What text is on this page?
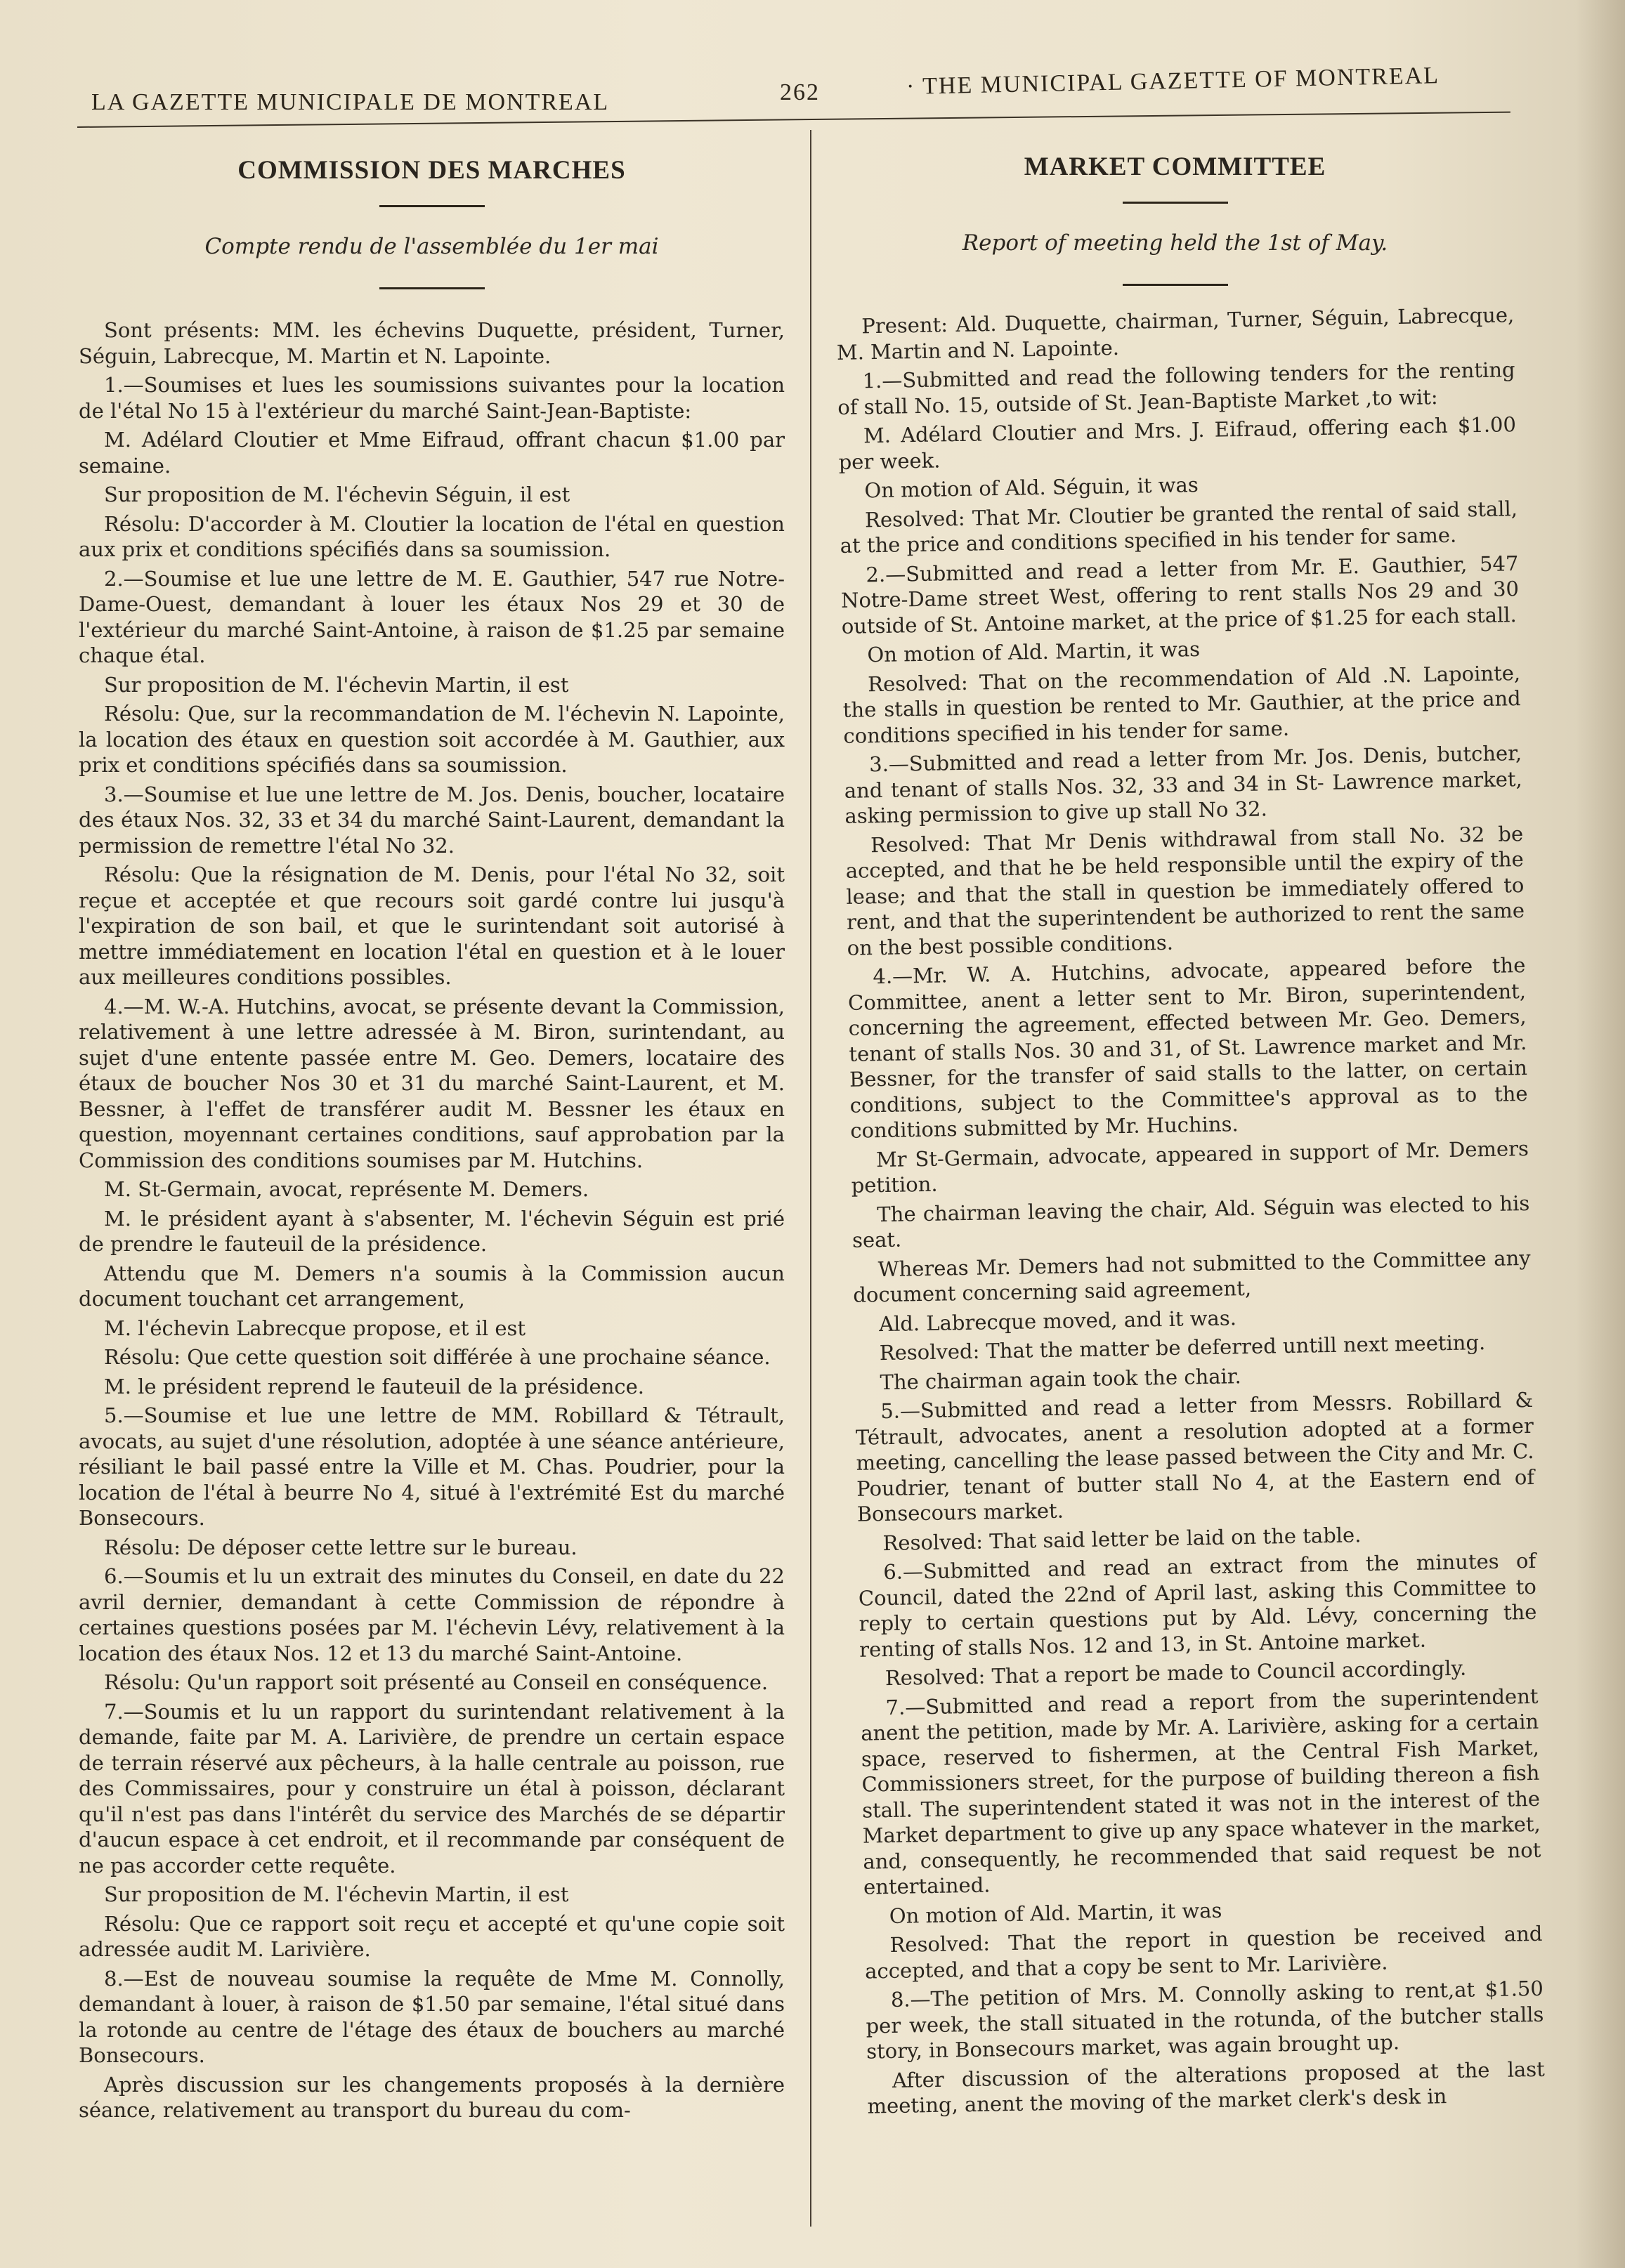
LA GAZETTE MUNICIPALE DE MONTREAL	262	· THE MUNICIPAL GAZETTE OF MONTREAL
COMMISSION DES MARCHES
Compte rendu de l'assemblée du 1er mai

Sont présents: MM. les échevins Duquette, président, Turner, Séguin, Labrecque, M. Martin et N. Lapointe.

1.—Soumises et lues les soumissions suivantes pour la location de l'étal No 15 à l'extérieur du marché Saint-Jean-Baptiste:

M. Adélard Cloutier et Mme Eifraud, offrant chacun $1.00 par semaine.

Sur proposition de M. l'échevin Séguin, il est

Résolu: D'accorder à M. Cloutier la location de l'étal en question aux prix et conditions spécifiés dans sa soumission.

2.—Soumise et lue une lettre de M. E. Gauthier, 547 rue Notre-Dame-Ouest, demandant à louer les étaux Nos 29 et 30 de l'extérieur du marché Saint-Antoine, à raison de $1.25 par semaine chaque étal.

Sur proposition de M. l'échevin Martin, il est

Résolu: Que, sur la recommandation de M. l'échevin N. Lapointe, la location des étaux en question soit accordée à M. Gauthier, aux prix et conditions spécifiés dans sa soumission.

3.—Soumise et lue une lettre de M. Jos. Denis, boucher, locataire des étaux Nos. 32, 33 et 34 du marché Saint-Laurent, demandant la permission de remettre l'étal No 32.

Résolu: Que la résignation de M. Denis, pour l'étal No 32, soit reçue et acceptée et que recours soit gardé contre lui jusqu'à l'expiration de son bail, et que le surintendant soit autorisé à mettre immédiatement en location l'étal en question et à le louer aux meilleures conditions possibles.

4.—M. W.-A. Hutchins, avocat, se présente devant la Commission, relativement à une lettre adressée à M. Biron, surintendant, au sujet d'une entente passée entre M. Geo. Demers, locataire des étaux de boucher Nos 30 et 31 du marché Saint-Laurent, et M. Bessner, à l'effet de transférer audit M. Bessner les étaux en question, moyennant certaines conditions, sauf approbation par la Commission des conditions soumises par M. Hutchins.

M. St-Germain, avocat, représente M. Demers.

M. le président ayant à s'absenter, M. l'échevin Séguin est prié de prendre le fauteuil de la présidence.

Attendu que M. Demers n'a soumis à la Commission aucun document touchant cet arrangement,

M. l'échevin Labrecque propose, et il est

Résolu: Que cette question soit différée à une prochaine séance.

M. le président reprend le fauteuil de la présidence.

5.—Soumise et lue une lettre de MM. Robillard & Tétrault, avocats, au sujet d'une résolution, adoptée à une séance antérieure, résiliant le bail passé entre la Ville et M. Chas. Poudrier, pour la location de l'étal à beurre No 4, situé à l'extrémité Est du marché Bonsecours.

Résolu: De déposer cette lettre sur le bureau.

6.—Soumis et lu un extrait des minutes du Conseil, en date du 22 avril dernier, demandant à cette Commission de répondre à certaines questions posées par M. l'échevin Lévy, relativement à la location des étaux Nos. 12 et 13 du marché Saint-Antoine.

Résolu: Qu'un rapport soit présenté au Conseil en conséquence.

7.—Soumis et lu un rapport du surintendant relativement à la demande, faite par M. A. Larivière, de prendre un certain espace de terrain réservé aux pêcheurs, à la halle centrale au poisson, rue des Commissaires, pour y construire un étal à poisson, déclarant qu'il n'est pas dans l'intérêt du service des Marchés de se départir d'aucun espace à cet endroit, et il recommande par conséquent de ne pas accorder cette requête.

Sur proposition de M. l'échevin Martin, il est

Résolu: Que ce rapport soit reçu et accepté et qu'une copie soit adressée audit M. Larivière.

8.—Est de nouveau soumise la requête de Mme M. Connolly, demandant à louer, à raison de $1.50 par semaine, l'étal situé dans la rotonde au centre de l'étage des étaux de bouchers au marché Bonsecours.

Après discussion sur les changements proposés à la dernière séance, relativement au transport du bureau du com-

MARKET COMMITTEE
Report of meeting held the 1st of May.

Present: Ald. Duquette, chairman, Turner, Séguin, Labrecque, M. Martin and N. Lapointe.

1.—Submitted and read the following tenders for the renting of stall No. 15, outside of St. Jean-Baptiste Market ,to wit:

M. Adélard Cloutier and Mrs. J. Eifraud, offering each $1.00 per week.

On motion of Ald. Séguin, it was

Resolved: That Mr. Cloutier be granted the rental of said stall, at the price and conditions specified in his tender for same.

2.—Submitted and read a letter from Mr. E. Gauthier, 547 Notre-Dame street West, offering to rent stalls Nos 29 and 30 outside of St. Antoine market, at the price of $1.25 for each stall.

On motion of Ald. Martin, it was

Resolved: That on the recommendation of Ald .N. Lapointe, the stalls in question be rented to Mr. Gauthier, at the price and conditions specified in his tender for same.

3.—Submitted and read a letter from Mr. Jos. Denis, butcher, and tenant of stalls Nos. 32, 33 and 34 in St- Lawrence market, asking permission to give up stall No 32.

Resolved: That Mr Denis withdrawal from stall No. 32 be accepted, and that he be held responsible until the expiry of the lease; and that the stall in question be immediately offered to rent, and that the superintendent be authorized to rent the same on the best possible conditions.

4.—Mr. W. A. Hutchins, advocate, appeared before the Committee, anent a letter sent to Mr. Biron, superintendent, concerning the agreement, effected between Mr. Geo. Demers, tenant of stalls Nos. 30 and 31, of St. Lawrence market and Mr. Bessner, for the transfer of said stalls to the latter, on certain conditions, subject to the Committee's approval as to the conditions submitted by Mr. Huchins.

Mr St-Germain, advocate, appeared in support of Mr. Demers petition.

The chairman leaving the chair, Ald. Séguin was elected to his seat.

Whereas Mr. Demers had not submitted to the Committee any document concerning said agreement,

Ald. Labrecque moved, and it was.

Resolved: That the matter be deferred untill next meeting.

The chairman again took the chair.

5.—Submitted and read a letter from Messrs. Robillard & Tétrault, advocates, anent a resolution adopted at a former meeting, cancelling the lease passed between the City and Mr. C. Poudrier, tenant of butter stall No 4, at the Eastern end of Bonsecours market.

Resolved: That said letter be laid on the table.

6.—Submitted and read an extract from the minutes of Council, dated the 22nd of April last, asking this Committee to reply to certain questions put by Ald. Lévy, concerning the renting of stalls Nos. 12 and 13, in St. Antoine market.

Resolved: That a report be made to Council accordingly.

7.—Submitted and read a report from the superintendent anent the petition, made by Mr. A. Larivière, asking for a certain space, reserved to fishermen, at the Central Fish Market, Commissioners street, for the purpose of building thereon a fish stall. The superintendent stated it was not in the interest of the Market department to give up any space whatever in the market, and, consequently, he recommended that said request be not entertained.

On motion of Ald. Martin, it was

Resolved: That the report in question be received and accepted, and that a copy be sent to Mr. Larivière.

8.—The petition of Mrs. M. Connolly asking to rent,at $1.50 per week, the stall situated in the rotunda, of the butcher stalls story, in Bonsecours market, was again brought up.

After discussion of the alterations proposed at the last meeting, anent the moving of the market clerk's desk in
